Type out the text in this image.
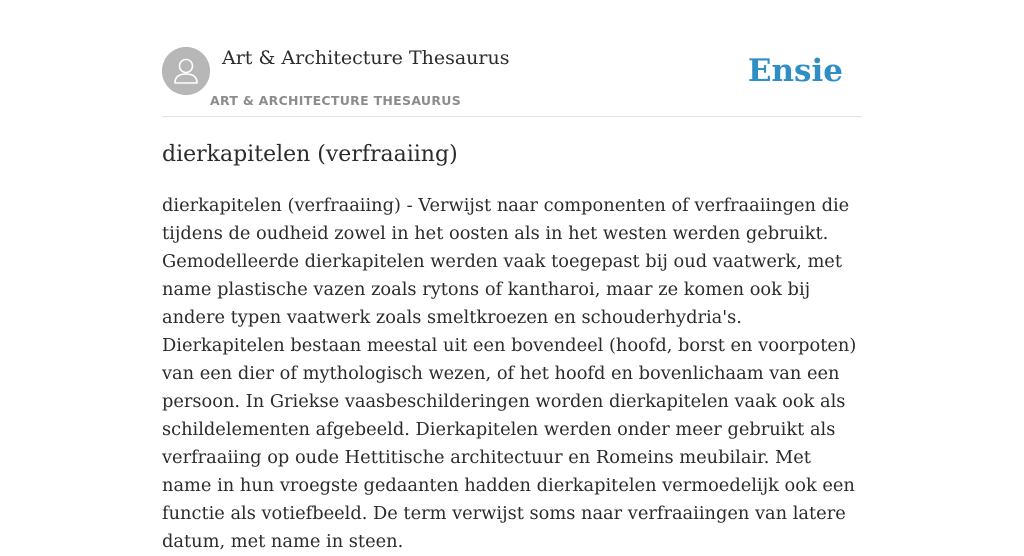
Art & Architecture Thesaurus
ART & ARCHITECTURE THESAURUS
Ensie
dierkapitelen (verfraaiing)

dierkapitelen (verfraaiing) - Verwijst naar componenten of verfraaiingen die tijdens de oudheid zowel in het oosten als in het westen werden gebruikt. Gemodelleerde dierkapitelen werden vaak toegepast bij oud vaatwerk, met name plastische vazen zoals rytons of kantharoi, maar ze komen ook bij andere typen vaatwerk zoals smeltkroezen en schouderhydria's. Dierkapitelen bestaan meestal uit een bovendeel (hoofd, borst en voorpoten) van een dier of mythologisch wezen, of het hoofd en bovenlichaam van een persoon. In Griekse vaasbeschilderingen worden dierkapitelen vaak ook als schildelementen afgebeeld. Dierkapitelen werden onder meer gebruikt als verfraaiing op oude Hettitische architectuur en Romeins meubilair. Met name in hun vroegste gedaanten hadden dierkapitelen vermoedelijk ook een functie als votiefbeeld. De term verwijst soms naar verfraaiingen van latere datum, met name in steen.
